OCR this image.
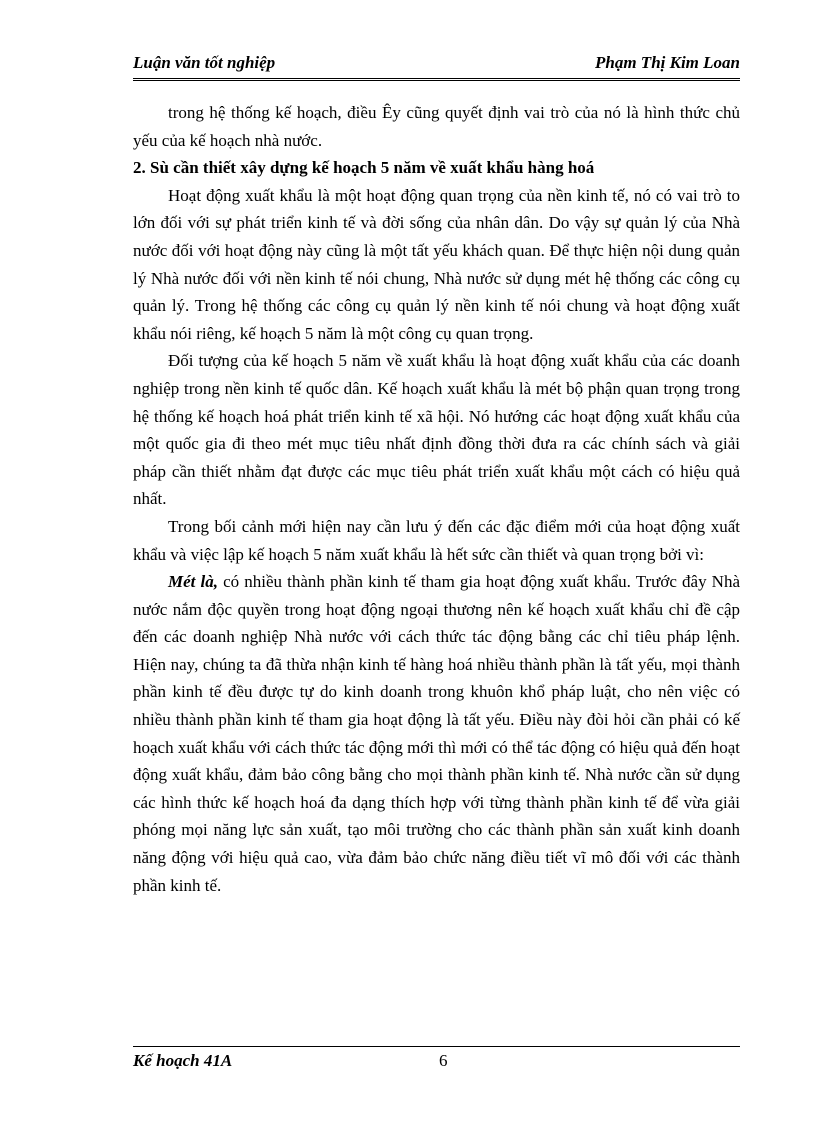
Luận văn tốt nghiệp	Phạm Thị Kim Loan

trong hệ thống kế hoạch, điều Êy cũng quyết định vai trò của nó là hình thức chủ yếu của kế hoạch nhà nước.

2. Sù cần thiết xây dựng kế hoạch 5 năm về xuất khẩu hàng hoá

Hoạt động xuất khẩu là một hoạt động quan trọng của nền kinh tế, nó có vai trò to lớn đối với sự phát triển kinh tế và đời sống của nhân dân. Do vậy sự quản lý của Nhà nước đối với hoạt động này cũng là một tất yếu khách quan. Để thực hiện nội dung quản lý Nhà nước đối với nền kinh tế nói chung, Nhà nước sử dụng mét hệ thống các công cụ quản lý. Trong hệ thống các công cụ quản lý nền kinh tế nói chung và hoạt động xuất khẩu nói riêng, kế hoạch 5 năm là một công cụ quan trọng.

Đối tượng của kế hoạch 5 năm về xuất khẩu là hoạt động xuất khẩu của các doanh nghiệp trong nền kinh tế quốc dân. Kế hoạch xuất khẩu là mét bộ phận quan trọng trong hệ thống kế hoạch hoá phát triển kinh tế xã hội. Nó hướng các hoạt động xuất khẩu của một quốc gia đi theo mét mục tiêu nhất định đồng thời đưa ra các chính sách và giải pháp cần thiết nhằm đạt được các mục tiêu phát triển xuất khẩu một cách có hiệu quả nhất.

Trong bối cảnh mới hiện nay cần lưu ý đến các đặc điểm mới của hoạt động xuất khẩu và việc lập kế hoạch 5 năm xuất khẩu là hết sức cần thiết và quan trọng bởi vì:

Mét là, có nhiều thành phần kinh tế tham gia hoạt động xuất khẩu. Trước đây Nhà nước nắm độc quyền trong hoạt động ngoại thương nên kế hoạch xuất khẩu chỉ đề cập đến các doanh nghiệp Nhà nước với cách thức tác động bằng các chỉ tiêu pháp lệnh. Hiện nay, chúng ta đã thừa nhận kinh tế hàng hoá nhiều thành phần là tất yếu, mọi thành phần kinh tế đều được tự do kinh doanh trong khuôn khổ pháp luật, cho nên việc có nhiều thành phần kinh tế tham gia hoạt động là tất yếu. Điều này đòi hỏi cần phải có kế hoạch xuất khẩu với cách thức tác động mới thì mới có thể tác động có hiệu quả đến hoạt động xuất khẩu, đảm bảo công bằng cho mọi thành phần kinh tế. Nhà nước cần sử dụng các hình thức kế hoạch hoá đa dạng thích hợp với từng thành phần kinh tế để vừa giải phóng mọi năng lực sản xuất, tạo môi trường cho các thành phần sản xuất kinh doanh năng động với hiệu quả cao, vừa đảm bảo chức năng điều tiết vĩ mô đối với các thành phần kinh tế.

Kế hoạch 41A	6
